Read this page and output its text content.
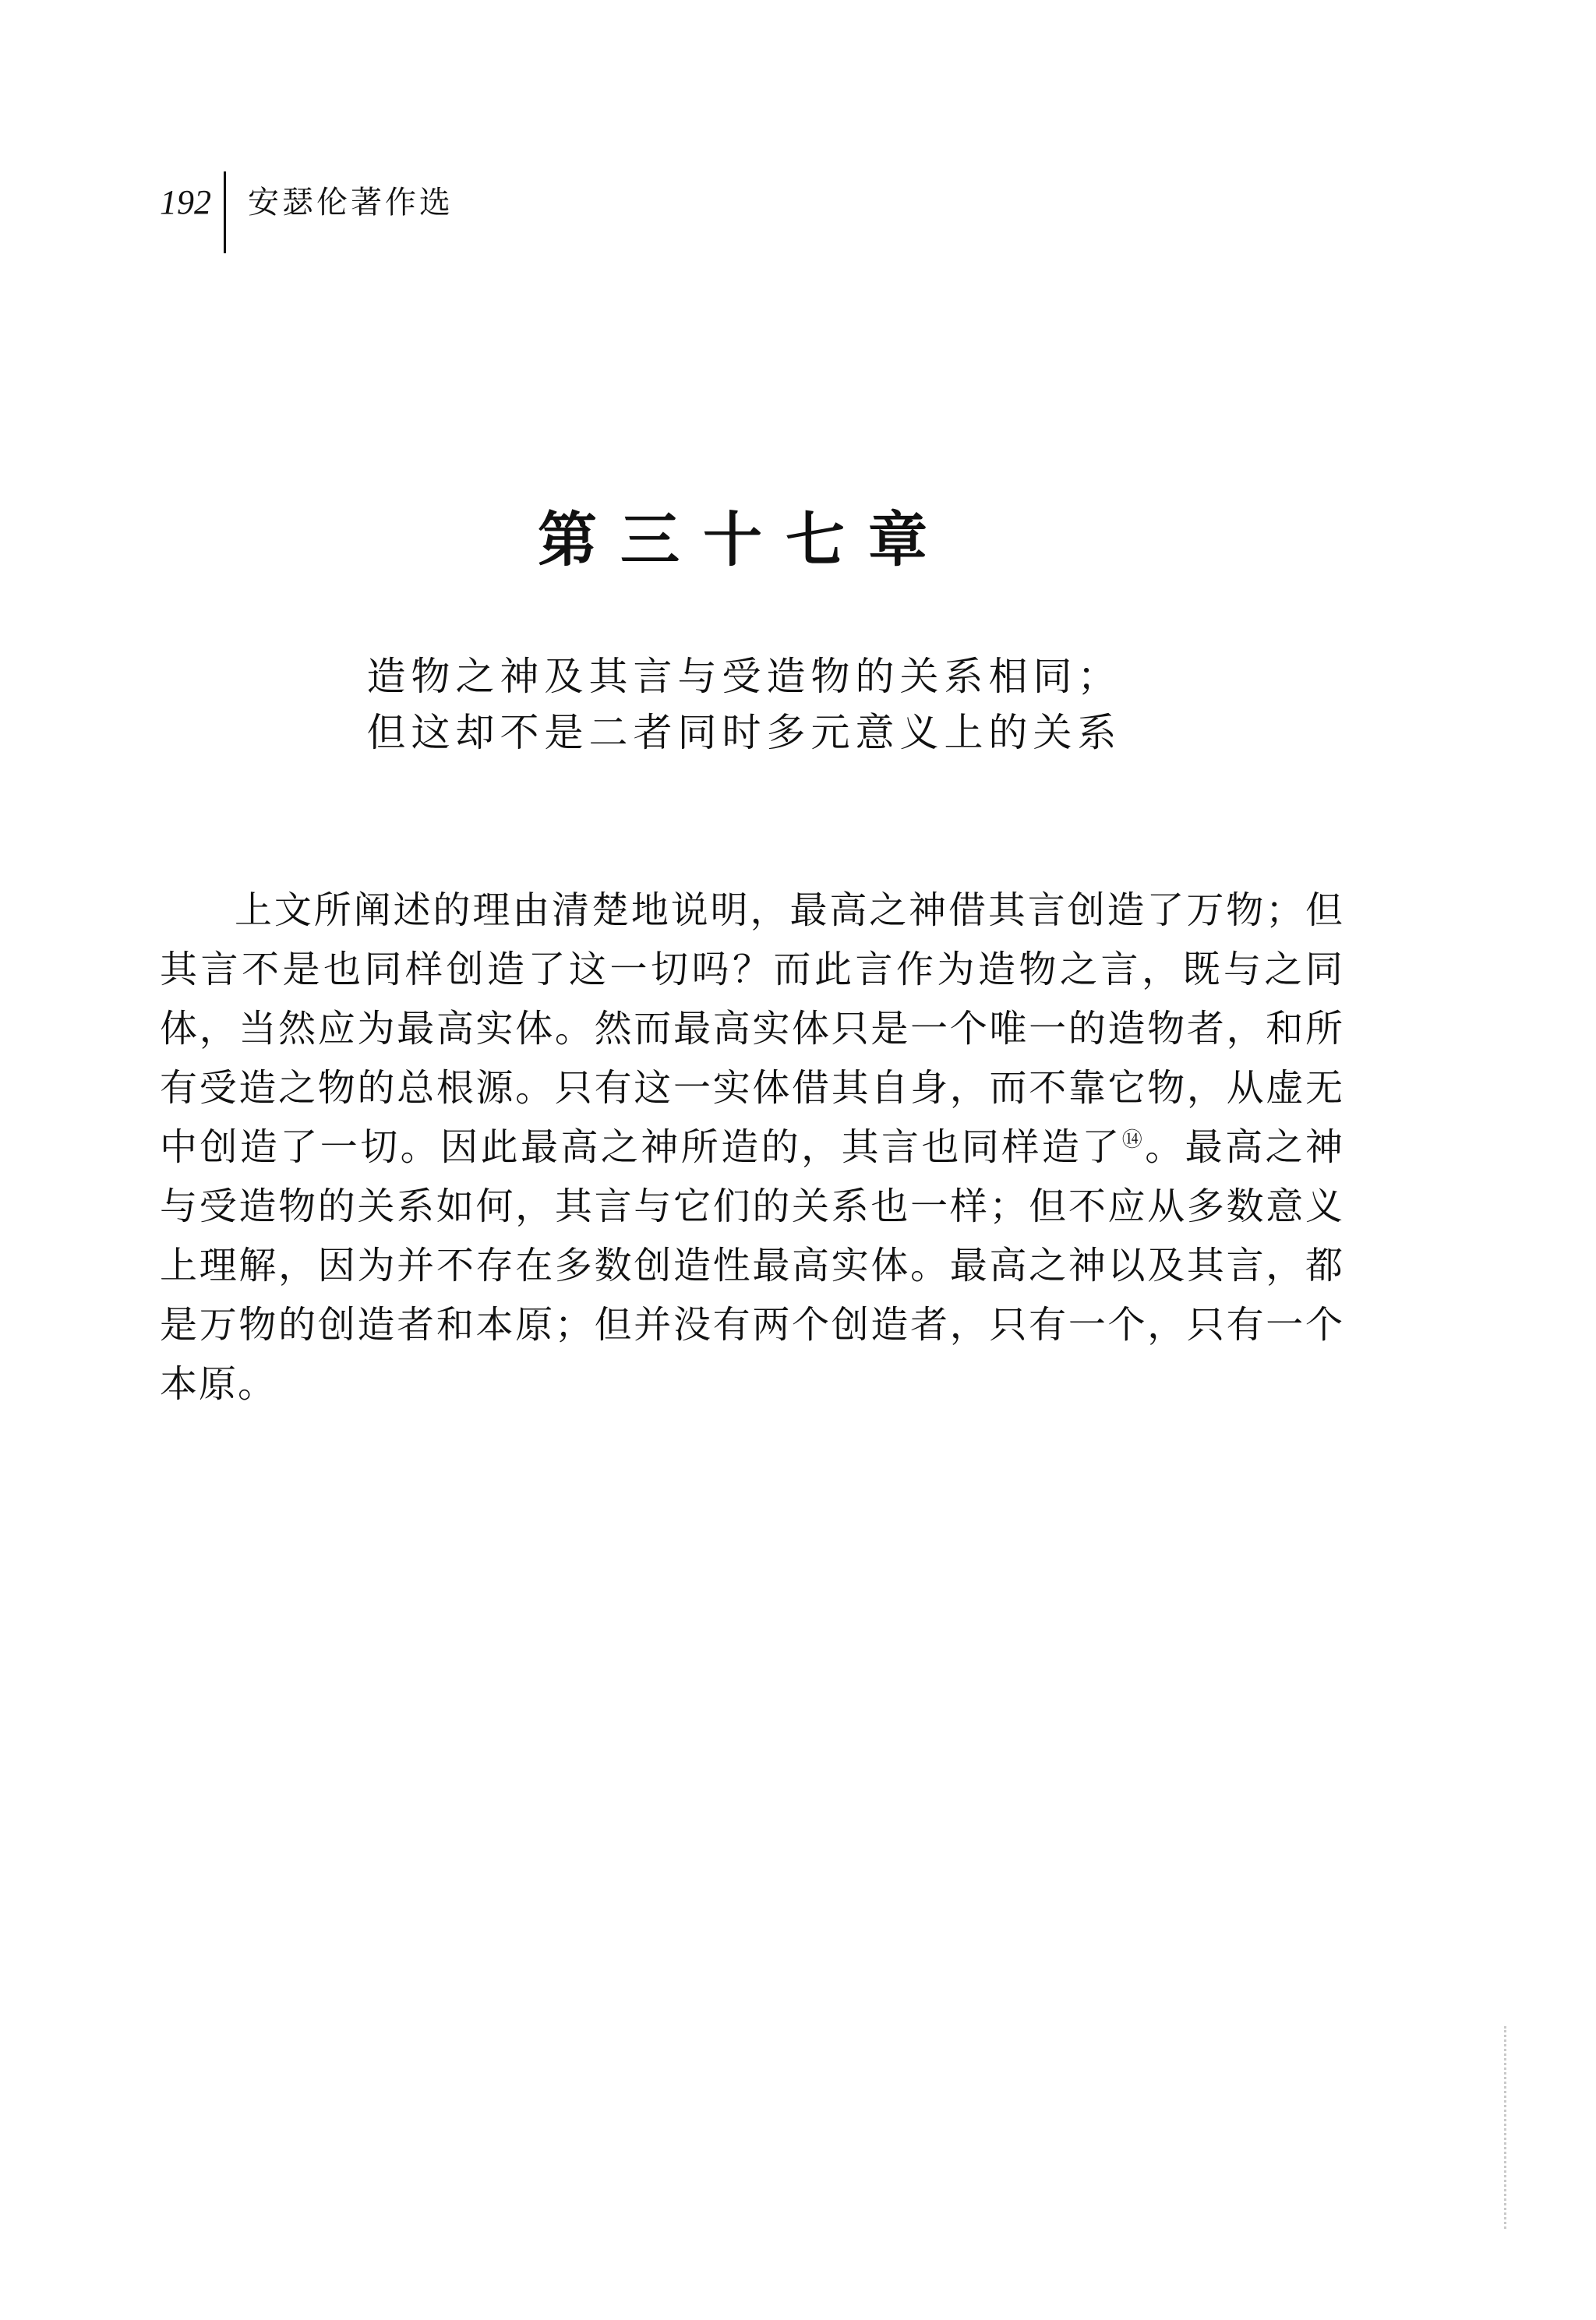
192	安瑟伦著作选
第三十七章
造物之神及其言与受造物的关系相同；
但这却不是二者同时多元意义上的关系

上文所阐述的理由清楚地说明，最高之神借其言创造了万物；但其言不是也同样创造了这一切吗？而此言作为造物之言，既与之同体，当然应为最高实体。然而最高实体只是一个唯一的造物者，和所有受造之物的总根源。只有这一实体借其自身，而不靠它物，从虚无中创造了一切。因此最高之神所造的，其言也同样造了⑭。最高之神与受造物的关系如何，其言与它们的关系也一样；但不应从多数意义上理解，因为并不存在多数创造性最高实体。最高之神以及其言，都是万物的创造者和本原；但并没有两个创造者，只有一个，只有一个本原。
